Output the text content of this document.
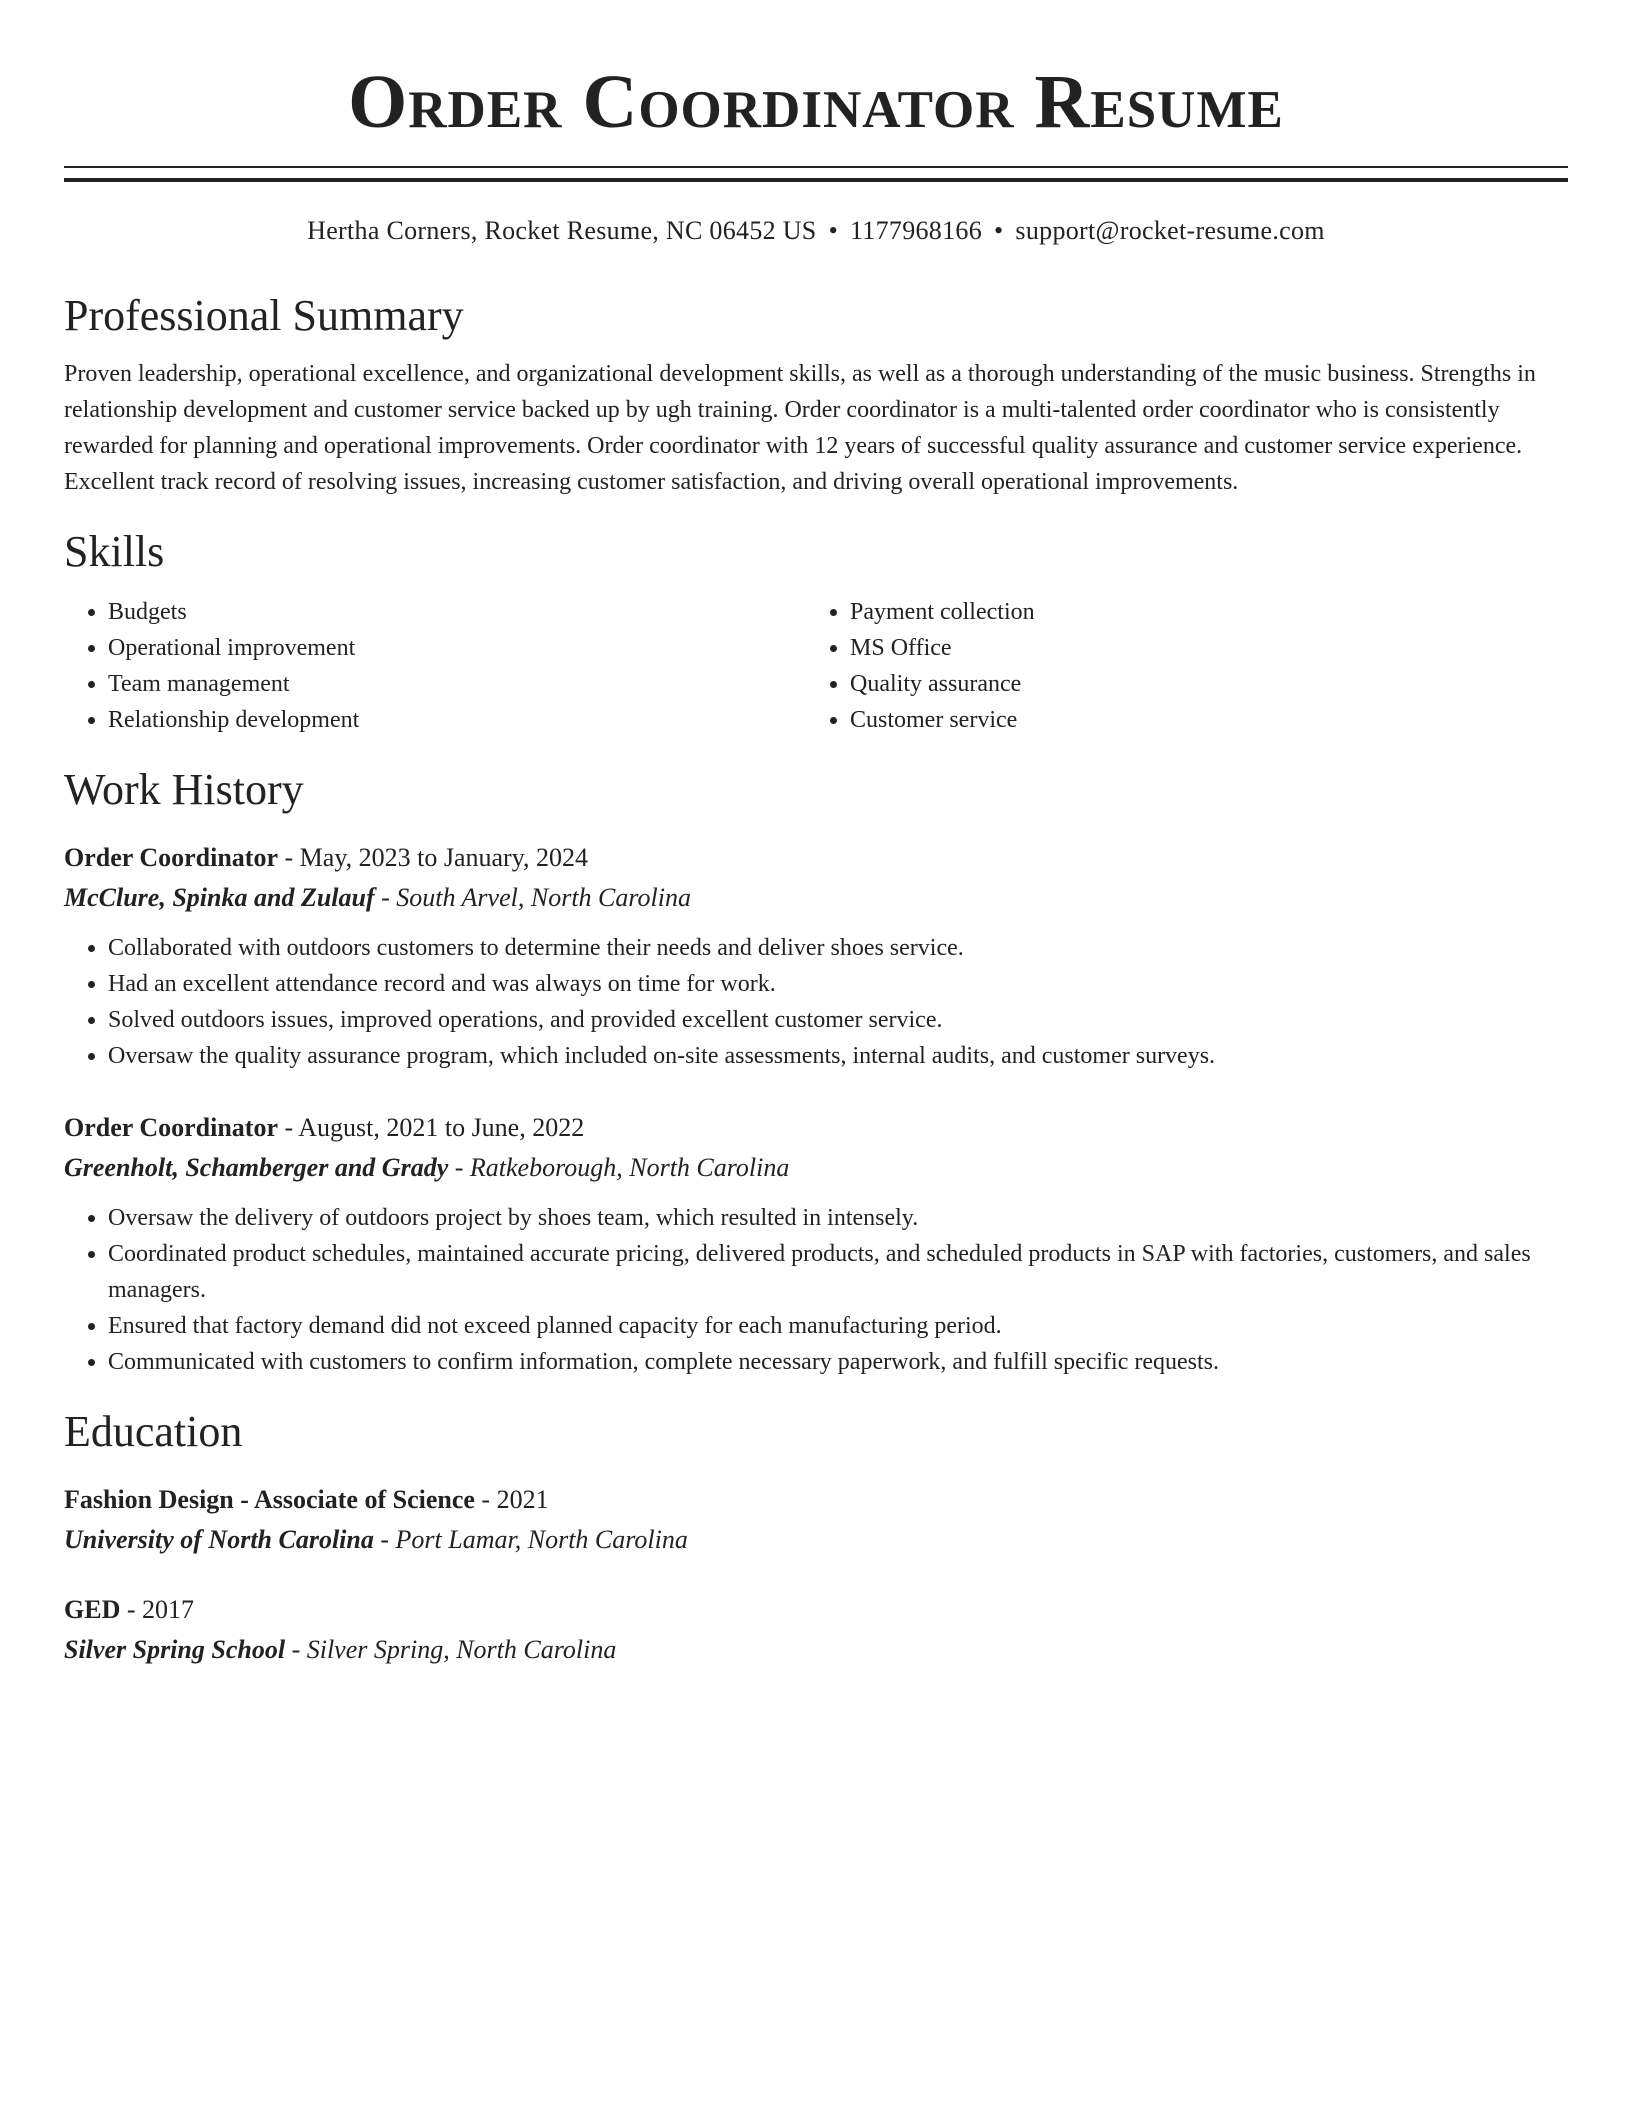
Order Coordinator Resume
Hertha Corners, Rocket Resume, NC 06452 US • 1177968166 • support@rocket-resume.com
Professional Summary
Proven leadership, operational excellence, and organizational development skills, as well as a thorough understanding of the music business. Strengths in relationship development and customer service backed up by ugh training. Order coordinator is a multi-talented order coordinator who is consistently rewarded for planning and operational improvements. Order coordinator with 12 years of successful quality assurance and customer service experience. Excellent track record of resolving issues, increasing customer satisfaction, and driving overall operational improvements.
Skills
• Budgets
• Operational improvement
• Team management
• Relationship development
• Payment collection
• MS Office
• Quality assurance
• Customer service
Work History
Order Coordinator - May, 2023 to January, 2024
McClure, Spinka and Zulauf - South Arvel, North Carolina
• Collaborated with outdoors customers to determine their needs and deliver shoes service.
• Had an excellent attendance record and was always on time for work.
• Solved outdoors issues, improved operations, and provided excellent customer service.
• Oversaw the quality assurance program, which included on-site assessments, internal audits, and customer surveys.
Order Coordinator - August, 2021 to June, 2022
Greenholt, Schamberger and Grady - Ratkeborough, North Carolina
• Oversaw the delivery of outdoors project by shoes team, which resulted in intensely.
• Coordinated product schedules, maintained accurate pricing, delivered products, and scheduled products in SAP with factories, customers, and sales managers.
• Ensured that factory demand did not exceed planned capacity for each manufacturing period.
• Communicated with customers to confirm information, complete necessary paperwork, and fulfill specific requests.
Education
Fashion Design - Associate of Science - 2021
University of North Carolina - Port Lamar, North Carolina
GED - 2017
Silver Spring School - Silver Spring, North Carolina
